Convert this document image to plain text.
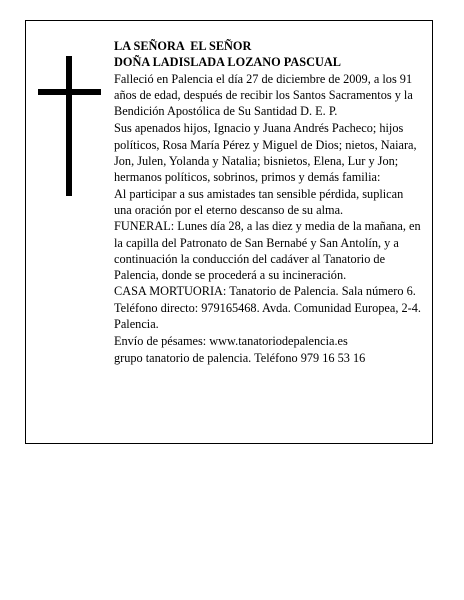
LA SEÑORA  EL SEÑOR

DOÑA LADISLADA LOZANO PASCUAL

Falleció en Palencia el día 27 de diciembre de 2009, a los 91 años de edad, después de recibir los Santos Sacramentos y la Bendición Apostólica de Su Santidad D. E. P.

Sus apenados hijos, Ignacio y Juana Andrés Pacheco; hijos políticos, Rosa María Pérez y Miguel de Dios; nietos, Naiara, Jon, Julen, Yolanda y Natalia; bisnietos, Elena, Lur y Jon; hermanos políticos, sobrinos, primos y demás familia:

Al participar a sus amistades tan sensible pérdida, suplican una oración por el eterno descanso de su alma.

FUNERAL: Lunes día 28, a las diez y media de la mañana, en la capilla del Patronato de San Bernabé y San Antolín, y a continuación la conducción del cadáver al Tanatorio de Palencia, donde se procederá a su incineración.

CASA MORTUORIA: Tanatorio de Palencia. Sala número 6. Teléfono directo: 979165468. Avda. Comunidad Europea, 2-4. Palencia.

Envío de pésames: www.tanatoriodepalencia.es

grupo tanatorio de palencia. Teléfono 979 16 53 16
